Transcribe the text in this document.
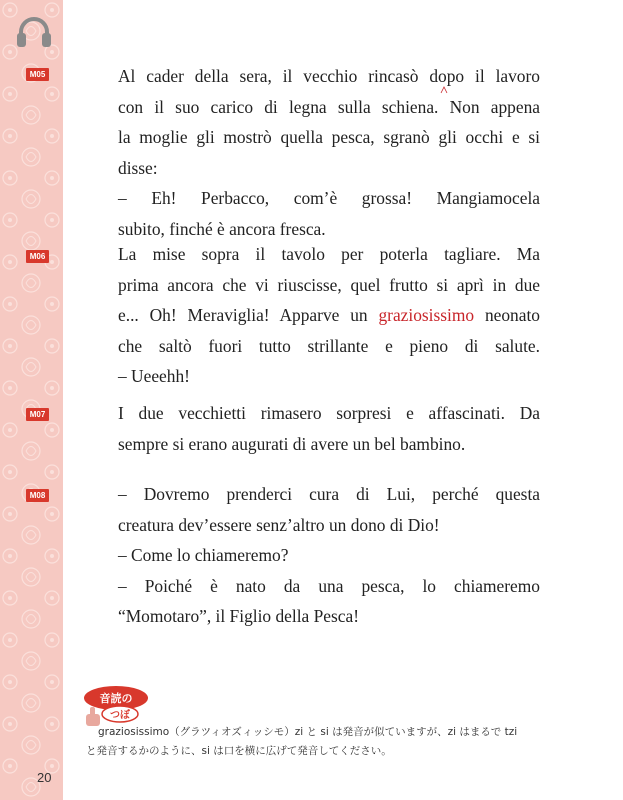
M05
M06
M07
M08
20
Al cader della sera, il vecchio rincasò dopo il lavoro
con il suo carico di legna sulla schiena. Non appena
la moglie gli mostrò quella pesca, sgranò gli occhi e si
disse:
– Eh! Perbacco, com’è grossa! Mangiamocela
subito, finché è ancora fresca.
La mise sopra il tavolo per poterla tagliare. Ma
prima ancora che vi riuscisse, quel frutto si aprì in due
e... Oh! Meraviglia! Apparve un graziosissimo neonato
che saltò fuori tutto strillante e pieno di salute.
– Ueeehh!
I due vecchietti rimasero sorpresi e affascinati. Da
sempre si erano augurati di avere un bel bambino.
– Dovremo prenderci cura di Lui, perché questa
creatura dev’essere senz’altro un dono di Dio!
– Come lo chiameremo?
– Poiché è nato da una pesca, lo chiameremo
“Momotaro”, il Figlio della Pesca!
音読の
つぼ
graziosissimo（グラツィオズィッシモ）zi と si は発音が似ていますが、zi はまるで tzi
と発音するかのように、si は口を横に広げて発音してください。
